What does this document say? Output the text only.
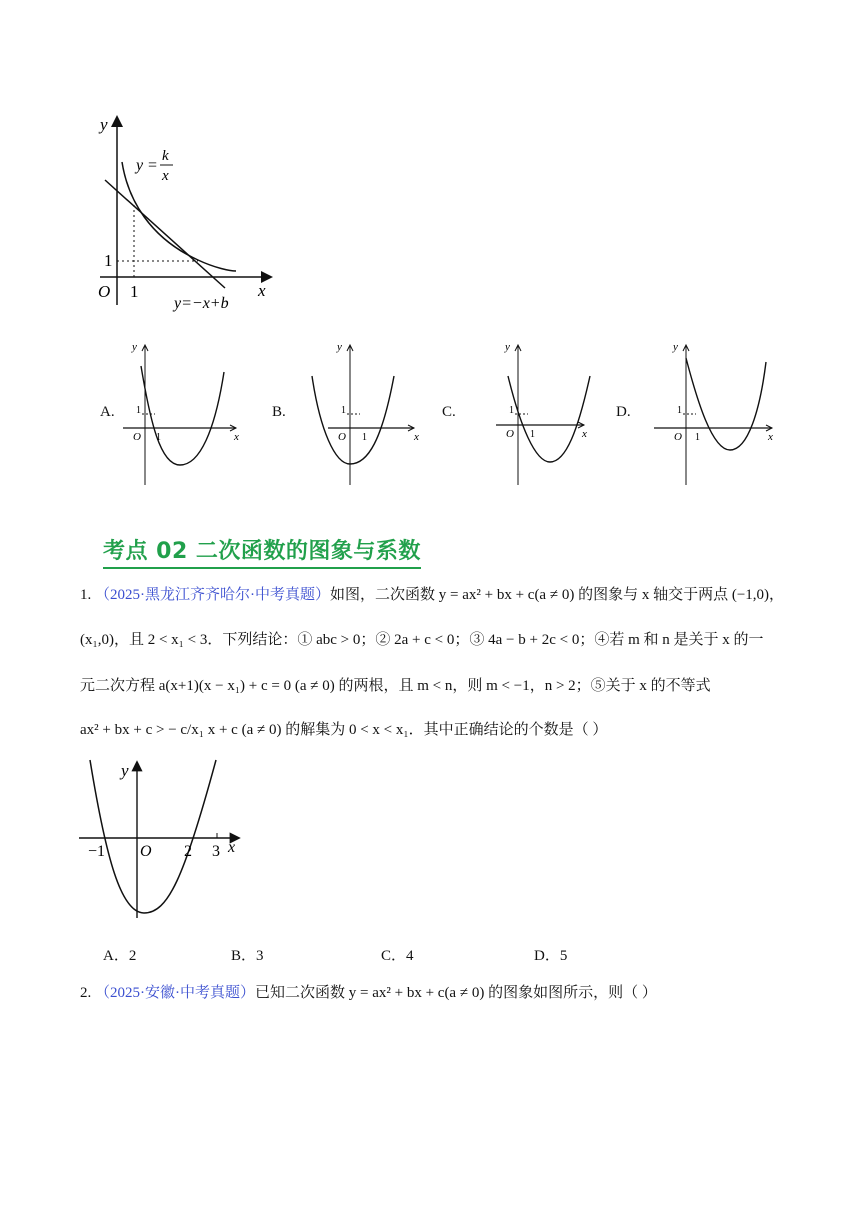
y
x
O 1
1
y =
k
x
y=−x+b
y
x
O 1
1
A.
y
x
O 1
1
B.
y
x
O 1
1
C.
y
x
O 1
1
D.
考点 02 二次函数的图象与系数
1. （2025·黑龙江齐齐哈尔·中考真题）如图，二次函数 y = ax² + bx + c(a ≠ 0) 的图象与 x 轴交于两点 (−1,0)，
(x₁,0)，且 2 < x₁ < 3．下列结论：① abc > 0；② 2a + c < 0；③ 4a − b + 2c < 0；④若 m 和 n 是关于 x 的一
元二次方程 a(x+1)(x − x₁) + c = 0 (a ≠ 0) 的两根，且 m < n，则 m < −1，n > 2；⑤关于 x 的不等式
ax² + bx + c > − c/x₁ x + c (a ≠ 0) 的解集为 0 < x < x₁．其中正确结论的个数是（ ）
y
x
O
−1	2 3
A．2	B．3	C．4	D．5
2. （2025·安徽·中考真题）已知二次函数 y = ax² + bx + c(a ≠ 0) 的图象如图所示，则（ ）
